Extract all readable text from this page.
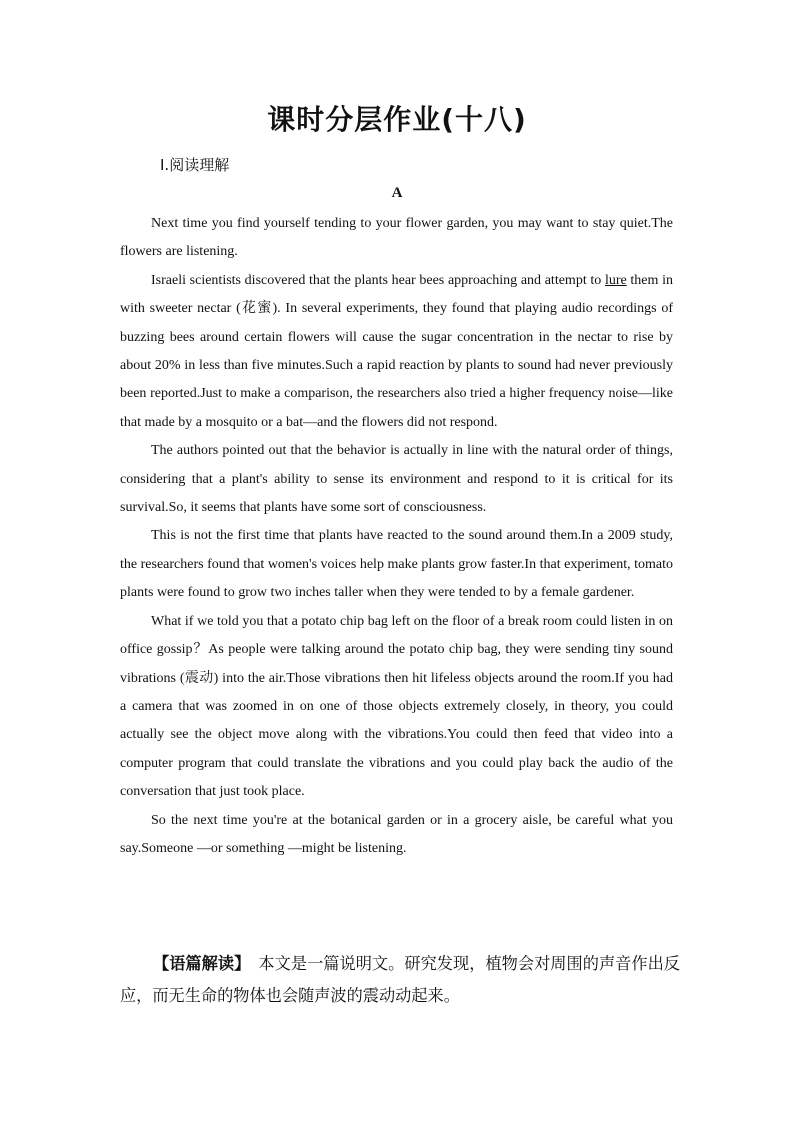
课时分层作业(十八)
Ⅰ.阅读理解
A

Next time you find yourself tending to your flower garden, you may want to stay quiet.The flowers are listening.

Israeli scientists discovered that the plants hear bees approaching and attempt to lure them in with sweeter nectar (花蜜). In several experiments, they found that playing audio recordings of buzzing bees around certain flowers will cause the sugar concentration in the nectar to rise by about 20% in less than five minutes.Such a rapid reaction by plants to sound had never previously been reported.Just to make a comparison, the researchers also tried a higher frequency noise—like that made by a mosquito or a bat—and the flowers did not respond.

The authors pointed out that the behavior is actually in line with the natural order of things, considering that a plant's ability to sense its environment and respond to it is critical for its survival.So, it seems that plants have some sort of consciousness.

This is not the first time that plants have reacted to the sound around them.In a 2009 study, the researchers found that women's voices help make plants grow faster.In that experiment, tomato plants were found to grow two inches taller when they were tended to by a female gardener.

What if we told you that a potato chip bag left on the floor of a break room could listen in on office gossip？As people were talking around the potato chip bag, they were sending tiny sound vibrations (震动) into the air.Those vibrations then hit lifeless objects around the room.If you had a camera that was zoomed in on one of those objects extremely closely, in theory, you could actually see the object move along with the vibrations.You could then feed that video into a computer program that could translate the vibrations and you could play back the audio of the conversation that just took place.

So the next time you're at the botanical garden or in a grocery aisle, be careful what you say.Someone —or something —might be listening.

【语篇解读】　本文是一篇说明文。研究发现，植物会对周围的声音作出反应，而无生命的物体也会随声波的震动动起来。
